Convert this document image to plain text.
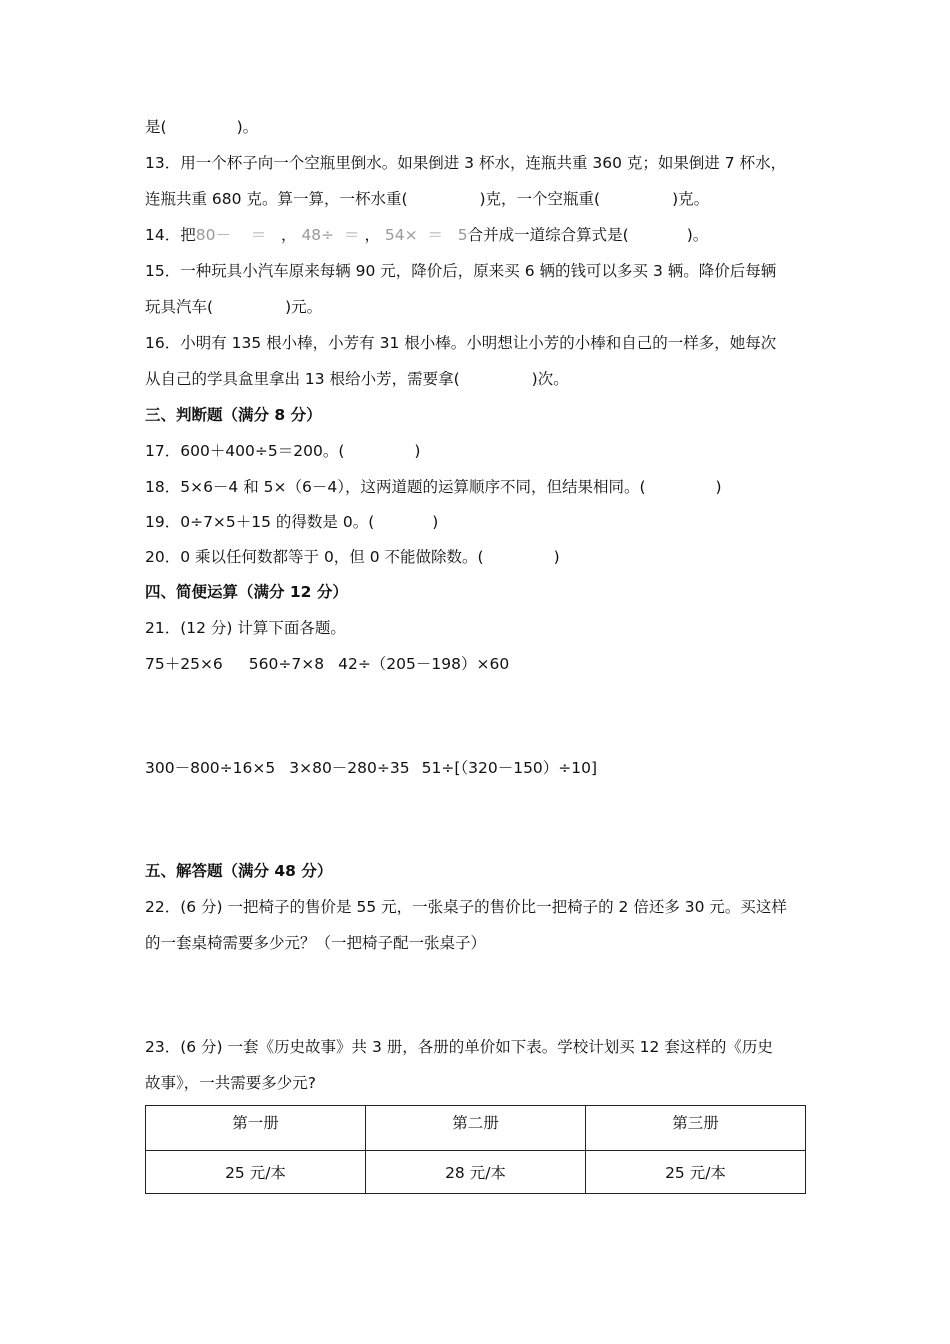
是(	)。
13．用一个杯子向一个空瓶里倒水。如果倒进 3 杯水，连瓶共重 360 克；如果倒进 7 杯水，
连瓶共重 680 克。算一算，一杯水重(	)克，一个空瓶重(	)克。
14．把80－ ＝ ， 48÷ ＝ ， 54× ＝ 5合并成一道综合算式是(	)。
15．一种玩具小汽车原来每辆 90 元，降价后，原来买 6 辆的钱可以多买 3 辆。降价后每辆
玩具汽车(	)元。
16．小明有 135 根小棒，小芳有 31 根小棒。小明想让小芳的小棒和自己的一样多，她每次
从自己的学具盒里拿出 13 根给小芳，需要拿(	)次。
三、判断题（满分 8 分）
17．600＋400÷5＝200。(	)
18．5×6－4 和 5×（6－4），这两道题的运算顺序不同，但结果相同。(	)
19．0÷7×5＋15 的得数是 0。(	)
20．0 乘以任何数都等于 0，但 0 不能做除数。(	)
四、简便运算（满分 12 分）
21．(12 分) 计算下面各题。
75＋25×6 560÷7×8 42÷（205－198）×60
300－800÷16×5 3×80－280÷35 51÷[（320－150）÷10]
五、解答题（满分 48 分）
22．(6 分) 一把椅子的售价是 55 元，一张桌子的售价比一把椅子的 2 倍还多 30 元。买这样
的一套桌椅需要多少元？（一把椅子配一张桌子）
23．(6 分) 一套《历史故事》共 3 册，各册的单价如下表。学校计划买 12 套这样的《历史
故事》，一共需要多少元?
第一册	第二册	第三册
25 元/本	28 元/本	25 元/本
